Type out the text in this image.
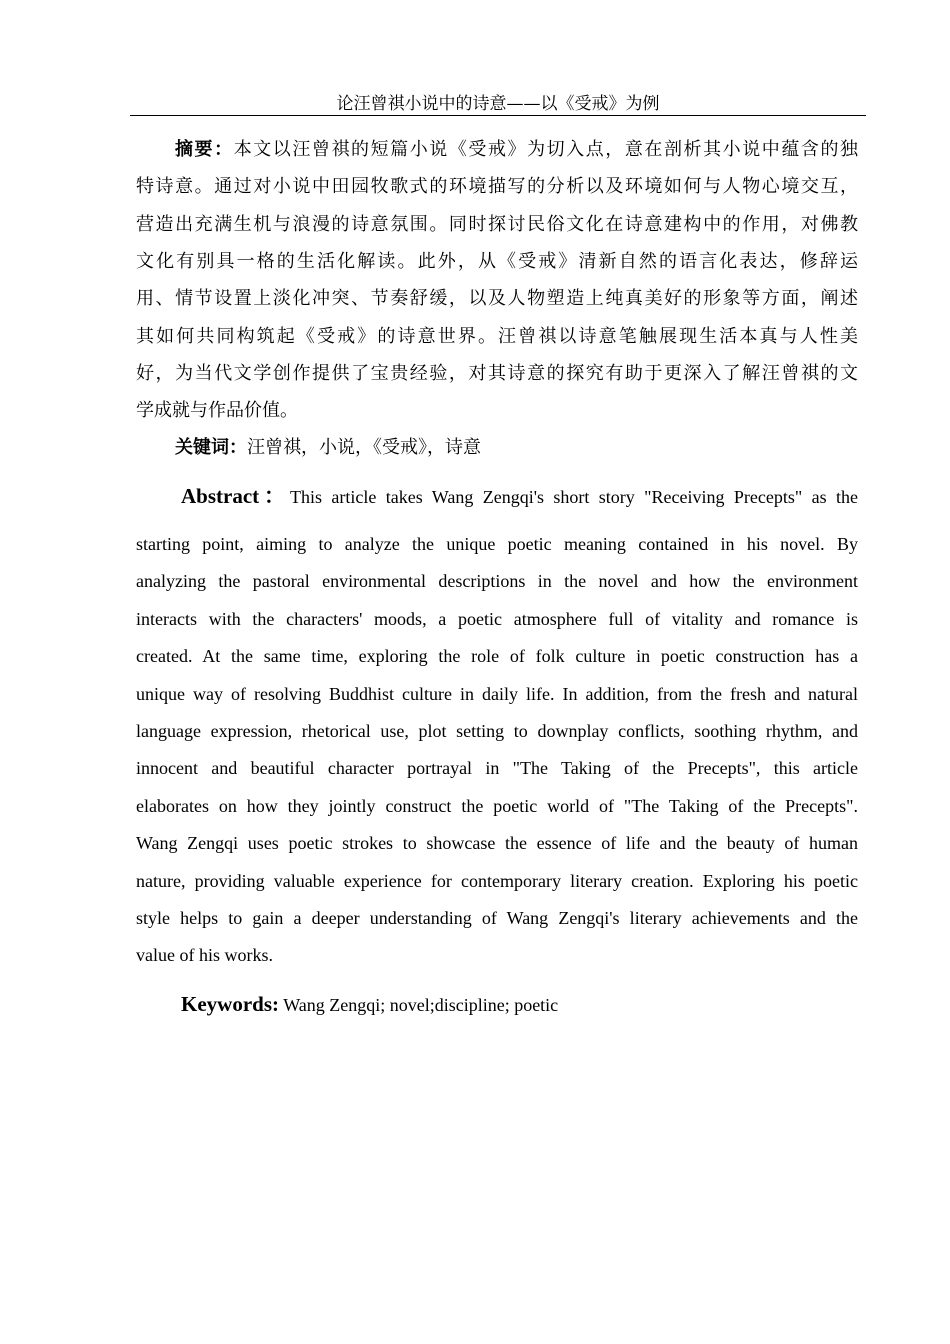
论汪曾祺小说中的诗意——以《受戒》为例
摘要：本文以汪曾祺的短篇小说《受戒》为切入点，意在剖析其小说中蕴含的独
特诗意。通过对小说中田园牧歌式的环境描写的分析以及环境如何与人物心境交互，
营造出充满生机与浪漫的诗意氛围。同时探讨民俗文化在诗意建构中的作用，对佛教
文化有别具一格的生活化解读。此外，从《受戒》清新自然的语言化表达，修辞运
用、情节设置上淡化冲突、节奏舒缓，以及人物塑造上纯真美好的形象等方面，阐述
其如何共同构筑起《受戒》的诗意世界。汪曾祺以诗意笔触展现生活本真与人性美
好，为当代文学创作提供了宝贵经验，对其诗意的探究有助于更深入了解汪曾祺的文
学成就与作品价值。
关键词：汪曾祺，小说，《受戒》，诗意
Abstract：This article takes Wang Zengqi's short story "Receiving Precepts" as the
starting point, aiming to analyze the unique poetic meaning contained in his novel. By
analyzing the pastoral environmental descriptions in the novel and how the environment
interacts with the characters' moods, a poetic atmosphere full of vitality and romance is
created. At the same time, exploring the role of folk culture in poetic construction has a
unique way of resolving Buddhist culture in daily life. In addition, from the fresh and natural
language expression, rhetorical use, plot setting to downplay conflicts, soothing rhythm, and
innocent and beautiful character portrayal in "The Taking of the Precepts", this article
elaborates on how they jointly construct the poetic world of "The Taking of the Precepts".
Wang Zengqi uses poetic strokes to showcase the essence of life and the beauty of human
nature, providing valuable experience for contemporary literary creation. Exploring his poetic
style helps to gain a deeper understanding of Wang Zengqi's literary achievements and the
value of his works.
Keywords: Wang Zengqi; novel;discipline; poetic
